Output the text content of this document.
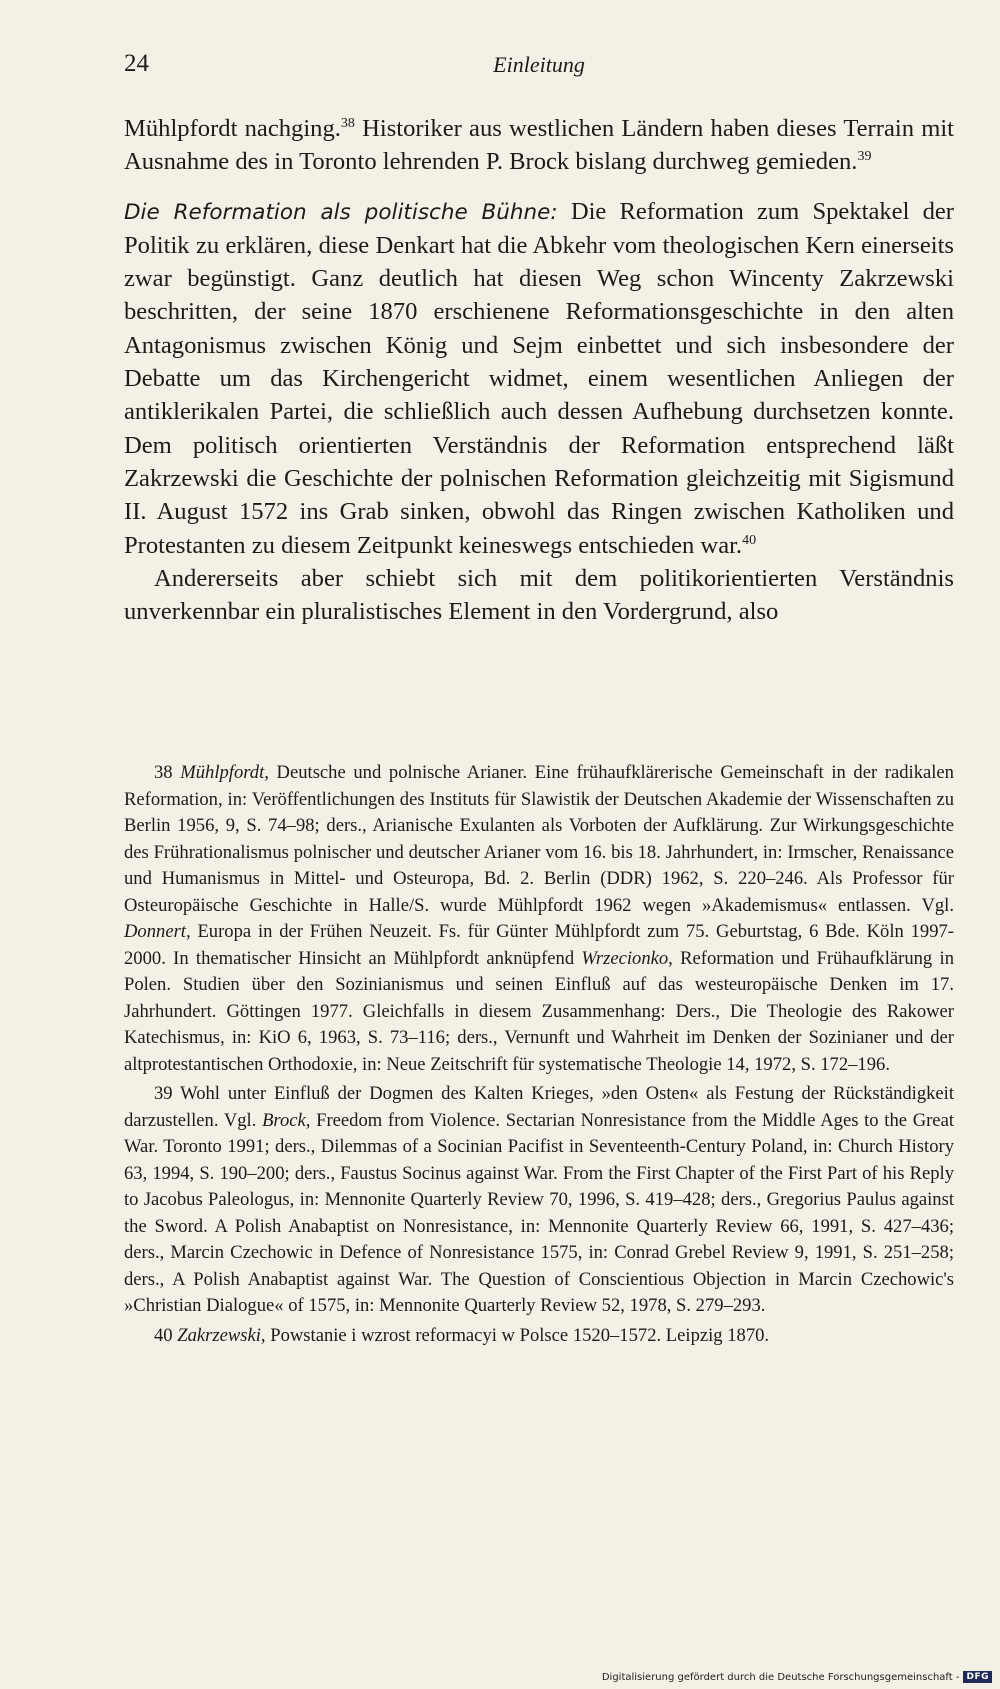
24	Einleitung

Mühlpfordt nachging.$^{38}$ Historiker aus westlichen Ländern haben dieses Terrain mit Ausnahme des in Toronto lehrenden P. Brock bislang durchweg gemieden.$^{39}$

Die Reformation als politische Bühne: Die Reformation zum Spektakel der Politik zu erklären, diese Denkart hat die Abkehr vom theologischen Kern einerseits zwar begünstigt. Ganz deutlich hat diesen Weg schon Wincenty Zakrzewski beschritten, der seine 1870 erschienene Reformationsgeschichte in den alten Antagonismus zwischen König und Sejm einbettet und sich insbesondere der Debatte um das Kirchengericht widmet, einem wesentlichen Anliegen der antiklerikalen Partei, die schließlich auch dessen Aufhebung durchsetzen konnte. Dem politisch orientierten Verständnis der Reformation entsprechend läßt Zakrzewski die Geschichte der polnischen Reformation gleichzeitig mit Sigismund II. August 1572 ins Grab sinken, obwohl das Ringen zwischen Katholiken und Protestanten zu diesem Zeitpunkt keineswegs entschieden war.$^{40}$

Andererseits aber schiebt sich mit dem politikorientierten Verständnis unverkennbar ein pluralistisches Element in den Vordergrund, also

38 Mühlpfordt, Deutsche und polnische Arianer. Eine frühaufklärerische Gemeinschaft in der radikalen Reformation, in: Veröffentlichungen des Instituts für Slawistik der Deutschen Akademie der Wissenschaften zu Berlin 1956, 9, S. 74–98; ders., Arianische Exulanten als Vorboten der Aufklärung. Zur Wirkungsgeschichte des Frührationalismus polnischer und deutscher Arianer vom 16. bis 18. Jahrhundert, in: Irmscher, Renaissance und Humanismus in Mittel- und Osteuropa, Bd. 2. Berlin (DDR) 1962, S. 220–246. Als Professor für Osteuropäische Geschichte in Halle/S. wurde Mühlpfordt 1962 wegen »Akademismus« entlassen. Vgl. Donnert, Europa in der Frühen Neuzeit. Fs. für Günter Mühlpfordt zum 75. Geburtstag, 6 Bde. Köln 1997-2000. In thematischer Hinsicht an Mühlpfordt anknüpfend Wrzecionko, Reformation und Frühaufklärung in Polen. Studien über den Sozinianismus und seinen Einfluß auf das westeuropäische Denken im 17. Jahrhundert. Göttingen 1977. Gleichfalls in diesem Zusammenhang: Ders., Die Theologie des Rakower Katechismus, in: KiO 6, 1963, S. 73–116; ders., Vernunft und Wahrheit im Denken der Sozinianer und der altprotestantischen Orthodoxie, in: Neue Zeitschrift für systematische Theologie 14, 1972, S. 172–196.

39 Wohl unter Einfluß der Dogmen des Kalten Krieges, »den Osten« als Festung der Rückständigkeit darzustellen. Vgl. Brock, Freedom from Violence. Sectarian Nonresistance from the Middle Ages to the Great War. Toronto 1991; ders., Dilemmas of a Socinian Pacifist in Seventeenth-Century Poland, in: Church History 63, 1994, S. 190–200; ders., Faustus Socinus against War. From the First Chapter of the First Part of his Reply to Jacobus Paleologus, in: Mennonite Quarterly Review 70, 1996, S. 419–428; ders., Gregorius Paulus against the Sword. A Polish Anabaptist on Nonresistance, in: Mennonite Quarterly Review 66, 1991, S. 427–436; ders., Marcin Czechowic in Defence of Nonresistance 1575, in: Conrad Grebel Review 9, 1991, S. 251–258; ders., A Polish Anabaptist against War. The Question of Conscientious Objection in Marcin Czechowic's »Christian Dialogue« of 1575, in: Mennonite Quarterly Review 52, 1978, S. 279–293.

40 Zakrzewski, Powstanie i wzrost reformacyi w Polsce 1520–1572. Leipzig 1870.

Digitalisierung gefördert durch die Deutsche Forschungsgemeinschaft - DFG
